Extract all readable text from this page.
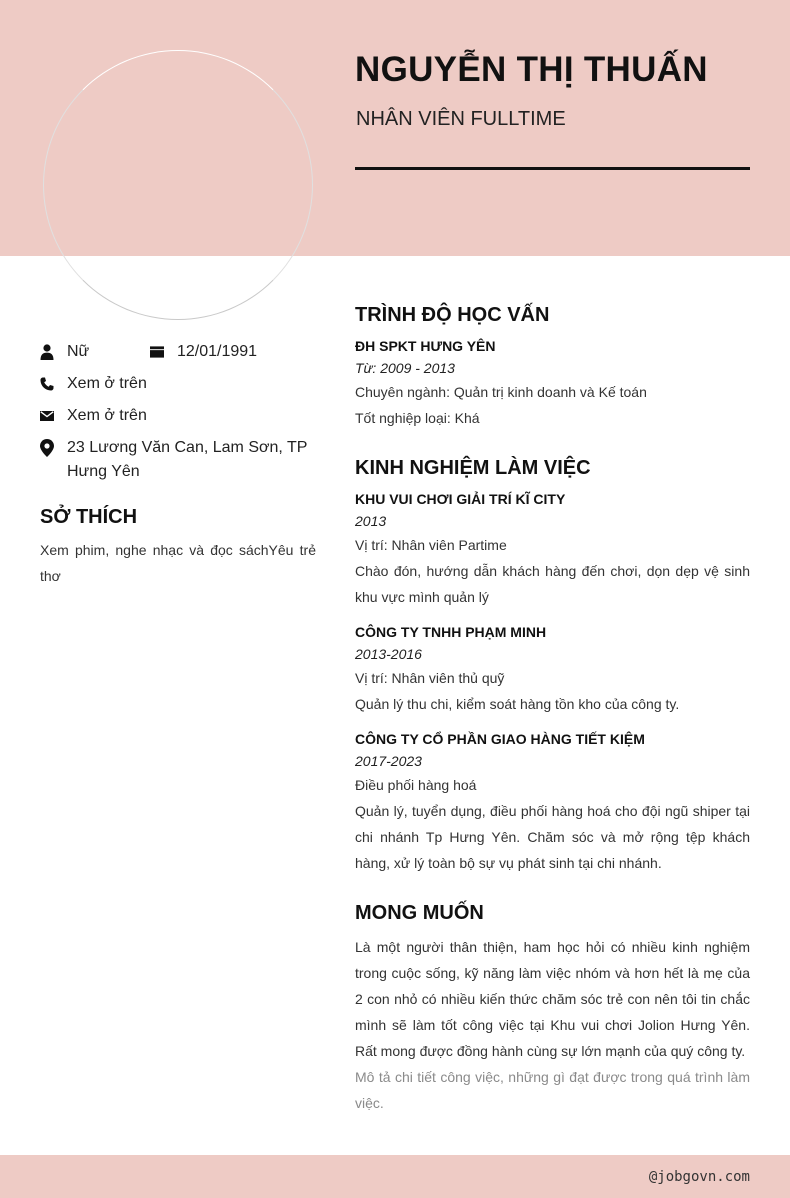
NGUYỄN THỊ THUẤN
NHÂN VIÊN FULLTIME
Nữ	12/01/1991
Xem ở trên
Xem ở trên
23 Lương Văn Can, Lam Sơn, TP Hưng Yên
SỞ THÍCH
Xem phim, nghe nhạc và đọc sáchYêu trẻ thơ
TRÌNH ĐỘ HỌC VẤN
ĐH SPKT HƯNG YÊN
Từ: 2009 - 2013
Chuyên ngành: Quản trị kinh doanh và Kế toán
Tốt nghiệp loại: Khá
KINH NGHIỆM LÀM VIỆC
KHU VUI CHƠI GIẢI TRÍ KĨ CITY
2013
Vị trí: Nhân viên Partime
Chào đón, hướng dẫn khách hàng đến chơi, dọn dẹp vệ sinh khu vực mình quản lý
CÔNG TY TNHH PHẠM MINH
2013-2016
Vị trí: Nhân viên thủ quỹ
Quản lý thu chi, kiểm soát hàng tồn kho của công ty.
CÔNG TY CỔ PHẦN GIAO HÀNG TIẾT KIỆM
2017-2023
Điều phối hàng hoá
Quản lý, tuyển dụng, điều phối hàng hoá cho đội ngũ shiper tại chi nhánh Tp Hưng Yên. Chăm sóc và mở rộng tệp khách hàng, xử lý toàn bộ sự vụ phát sinh tại chi nhánh.
MONG MUỐN
Là một người thân thiện, ham học hỏi có nhiều kinh nghiệm trong cuộc sống, kỹ năng làm việc nhóm và hơn hết là mẹ của 2 con nhỏ có nhiều kiến thức chăm sóc trẻ con nên tôi tin chắc mình sẽ làm tốt công việc tại Khu vui chơi Jolion Hưng Yên. Rất mong được đồng hành cùng sự lớn mạnh của quý công ty.
Mô tả chi tiết công việc, những gì đạt được trong quá trình làm việc.
@jobgovn.com
